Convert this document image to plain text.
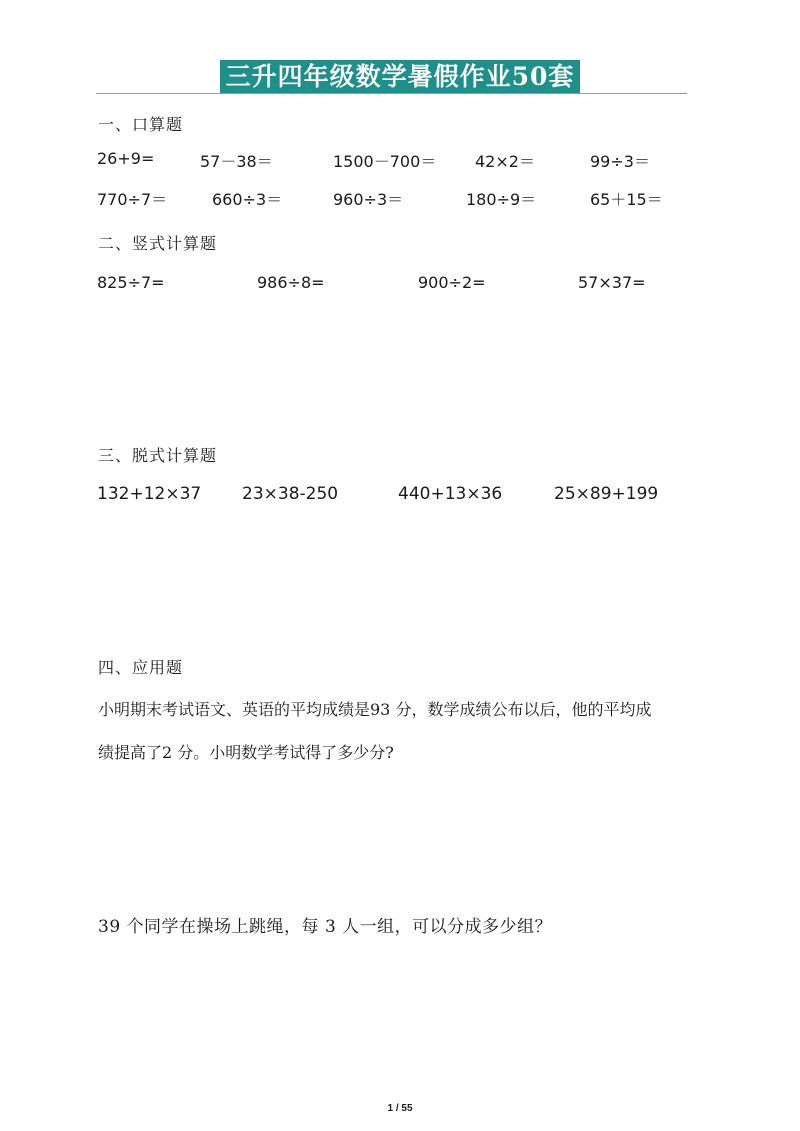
三升四年级数学暑假作业50套
一、口算题
26+9=	57－38＝	1500－700＝ 42×2＝	99÷3＝
770÷7＝	660÷3＝	960÷3＝	180÷9＝	65＋15＝
二、竖式计算题
825÷7=	986÷8=	900÷2=	57×37=
三、脱式计算题
132+12×37 23×38-250	440+13×36	25×89+199
四、应用题
小明期末考试语文、英语的平均成绩是93 分，数学成绩公布以后，他的平均成
绩提高了2 分。小明数学考试得了多少分?
39 个同学在操场上跳绳，每 3 人一组，可以分成多少组？
1 / 55
